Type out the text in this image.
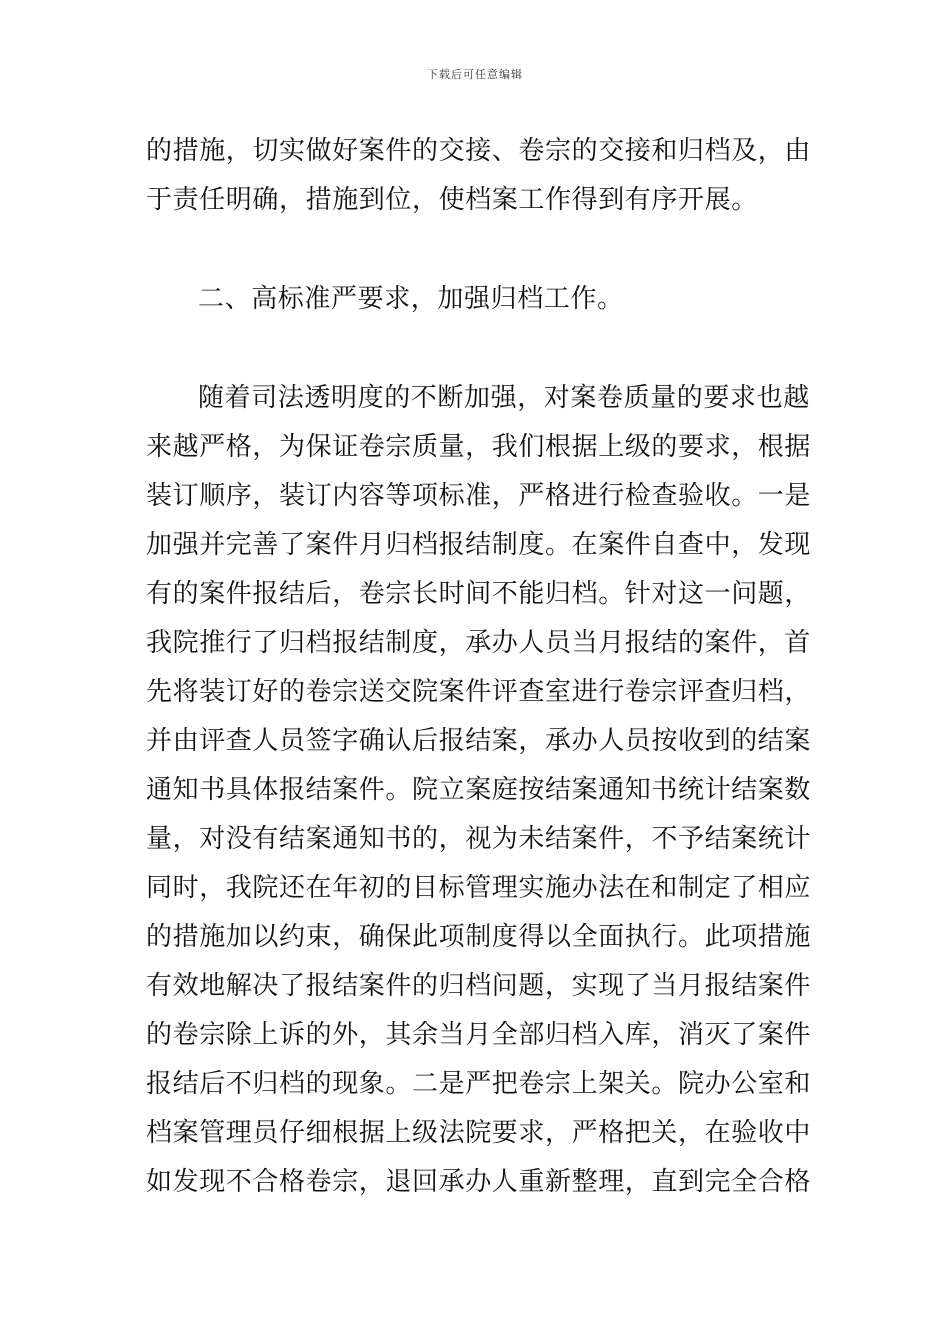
下载后可任意编辑
的措施，切实做好案件的交接、卷宗的交接和归档及，由
于责任明确，措施到位，使档案工作得到有序开展。
二、高标准严要求，加强归档工作。
随着司法透明度的不断加强，对案卷质量的要求也越
来越严格，为保证卷宗质量，我们根据上级的要求，根据
装订顺序，装订内容等项标准，严格进行检查验收。一是
加强并完善了案件月归档报结制度。在案件自查中，发现
有的案件报结后，卷宗长时间不能归档。针对这一问题，
我院推行了归档报结制度，承办人员当月报结的案件，首
先将装订好的卷宗送交院案件评查室进行卷宗评查归档，
并由评查人员签字确认后报结案，承办人员按收到的结案
通知书具体报结案件。院立案庭按结案通知书统计结案数
量，对没有结案通知书的，视为未结案件，不予结案统计
同时，我院还在年初的目标管理实施办法在和制定了相应
的措施加以约束，确保此项制度得以全面执行。此项措施
有效地解决了报结案件的归档问题，实现了当月报结案件
的卷宗除上诉的外，其余当月全部归档入库，消灭了案件
报结后不归档的现象。二是严把卷宗上架关。院办公室和
档案管理员仔细根据上级法院要求，严格把关，在验收中
如发现不合格卷宗，退回承办人重新整理，直到完全合格
